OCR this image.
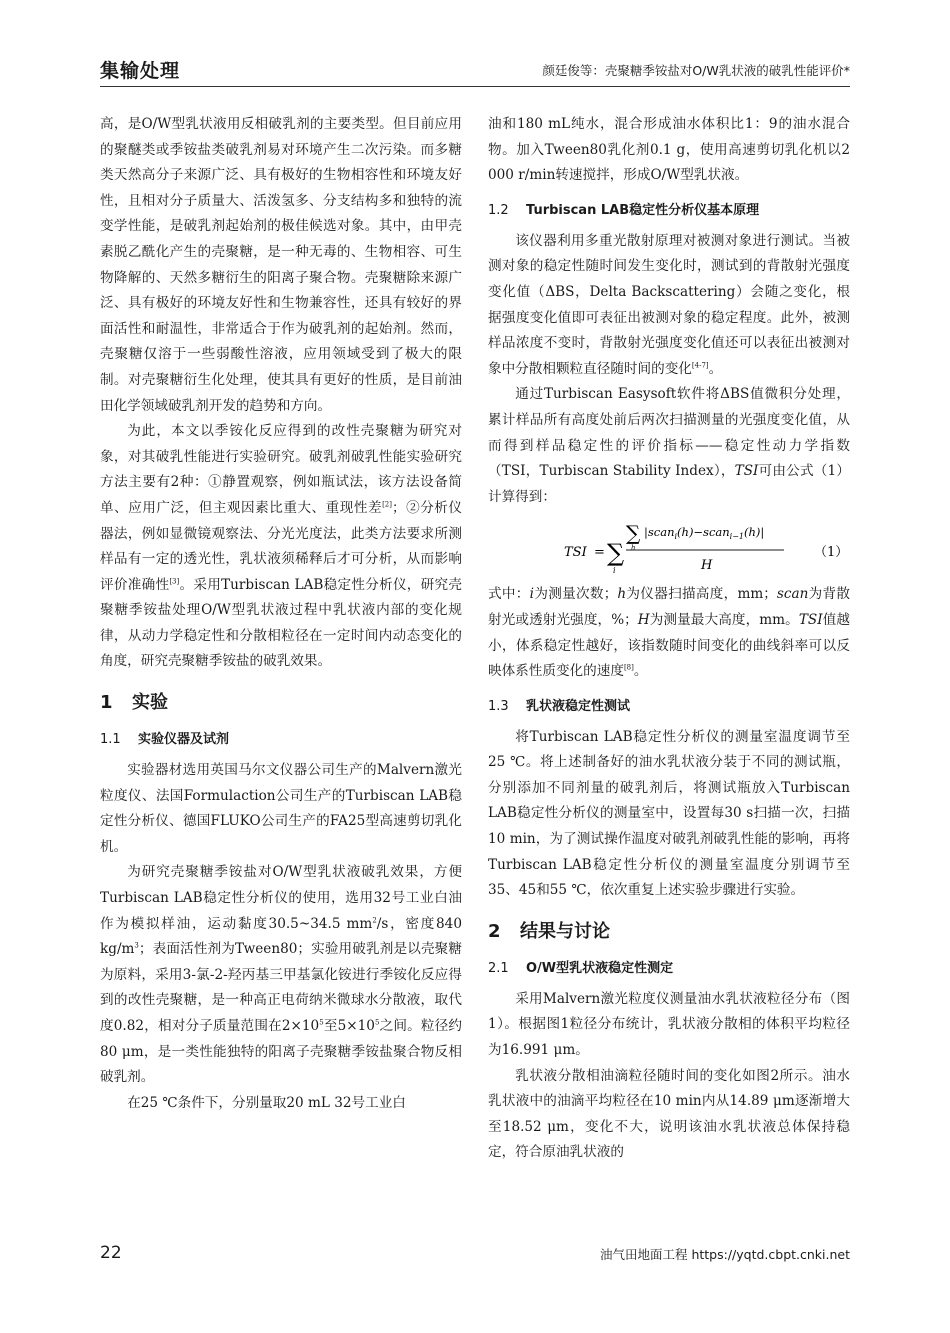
集输处理	颜廷俊等：壳聚糖季铵盐对O/W乳状液的破乳性能评价*

高，是O/W型乳状液用反相破乳剂的主要类型。但目前应用的聚醚类或季铵盐类破乳剂易对环境产生二次污染。而多糖类天然高分子来源广泛、具有极好的生物相容性和环境友好性，且相对分子质量大、活泼氢多、分支结构多和独特的流变学性能，是破乳剂起始剂的极佳候选对象。其中，由甲壳素脱乙酰化产生的壳聚糖，是一种无毒的、生物相容、可生物降解的、天然多糖衍生的阳离子聚合物。壳聚糖除来源广泛、具有极好的环境友好性和生物兼容性，还具有较好的界面活性和耐温性，非常适合于作为破乳剂的起始剂。然而，壳聚糖仅溶于一些弱酸性溶液，应用领域受到了极大的限制。对壳聚糖衍生化处理，使其具有更好的性质，是目前油田化学领域破乳剂开发的趋势和方向。

为此，本文以季铵化反应得到的改性壳聚糖为研究对象，对其破乳性能进行实验研究。破乳剂破乳性能实验研究方法主要有2种：①静置观察，例如瓶试法，该方法设备简单、应用广泛，但主观因素比重大、重现性差[2]；②分析仪器法，例如显微镜观察法、分光光度法，此类方法要求所测样品有一定的透光性，乳状液须稀释后才可分析，从而影响评价准确性[3]。采用Turbiscan LAB稳定性分析仪，研究壳聚糖季铵盐处理O/W型乳状液过程中乳状液内部的变化规律，从动力学稳定性和分散相粒径在一定时间内动态变化的角度，研究壳聚糖季铵盐的破乳效果。

1 实验
1.1 实验仪器及试剂

实验器材选用英国马尔文仪器公司生产的Malvern激光粒度仪、法国Formulaction公司生产的Turbiscan LAB稳定性分析仪、德国FLUKO公司生产的FA25型高速剪切乳化机。

为研究壳聚糖季铵盐对O/W型乳状液破乳效果，方便Turbiscan LAB稳定性分析仪的使用，选用32号工业白油作为模拟样油，运动黏度30.5~34.5 $mm^2/s$，密度840 $kg/m^3$；表面活性剂为Tween80；实验用破乳剂是以壳聚糖为原料，采用3-氯-2-羟丙基三甲基氯化铵进行季铵化反应得到的改性壳聚糖，是一种高正电荷纳米微球水分散液，取代度0.82，相对分子质量范围在$2\times 10^5$至$5\times 10^5$之间。粒径约80 μm，是一类性能独特的阳离子壳聚糖季铵盐聚合物反相破乳剂。

在25 ℃条件下，分别量取20 mL 32号工业白

油和180 mL纯水，混合形成油水体积比1：9的油水混合物。加入Tween80乳化剂0.1 g，使用高速剪切乳化机以2 000 r/min转速搅拌，形成O/W型乳状液。

1.2 Turbiscan LAB稳定性分析仪基本原理

该仪器利用多重光散射原理对被测对象进行测试。当被测对象的稳定性随时间发生变化时，测试到的背散射光强度变化值（ΔBS，Delta Backscattering）会随之变化，根据强度变化值即可表征出被测对象的稳定程度。此外，被测样品浓度不变时，背散射光强度变化值还可以表征出被测对象中分散相颗粒直径随时间的变化[4-7]。

通过Turbiscan Easysoft软件将ΔBS值微积分处理，累计样品所有高度处前后两次扫描测量的光强度变化值，从而得到样品稳定性的评价指标——稳定性动力学指数（TSI，Turbiscan Stability Index），TSI可由公式（1）计算得到：

TSI = ∑
i
∑
h
|scan$_i$(h)−scan$_{i-1}$(h)|
H
（1）

式中：i为测量次数；h为仪器扫描高度，mm；scan为背散射光或透射光强度，%；H为测量最大高度，mm。TSI值越小，体系稳定性越好，该指数随时间变化的曲线斜率可以反映体系性质变化的速度[8]。

1.3 乳状液稳定性测试

将Turbiscan LAB稳定性分析仪的测量室温度调节至25 ℃。将上述制备好的油水乳状液分装于不同的测试瓶，分别添加不同剂量的破乳剂后，将测试瓶放入Turbiscan LAB稳定性分析仪的测量室中，设置每30 s扫描一次，扫描10 min，为了测试操作温度对破乳剂破乳性能的影响，再将Turbiscan LAB稳定性分析仪的测量室温度分别调节至35、45和55 ℃，依次重复上述实验步骤进行实验。

2 结果与讨论
2.1 O/W型乳状液稳定性测定

采用Malvern激光粒度仪测量油水乳状液粒径分布（图1）。根据图1粒径分布统计，乳状液分散相的体积平均粒径为16.991 μm。

乳状液分散相油滴粒径随时间的变化如图2所示。油水乳状液中的油滴平均粒径在10 min内从14.89 μm逐渐增大至18.52 μm，变化不大，说明该油水乳状液总体保持稳定，符合原油乳状液的

22	油气田地面工程 https://yqtd.cbpt.cnki.net
